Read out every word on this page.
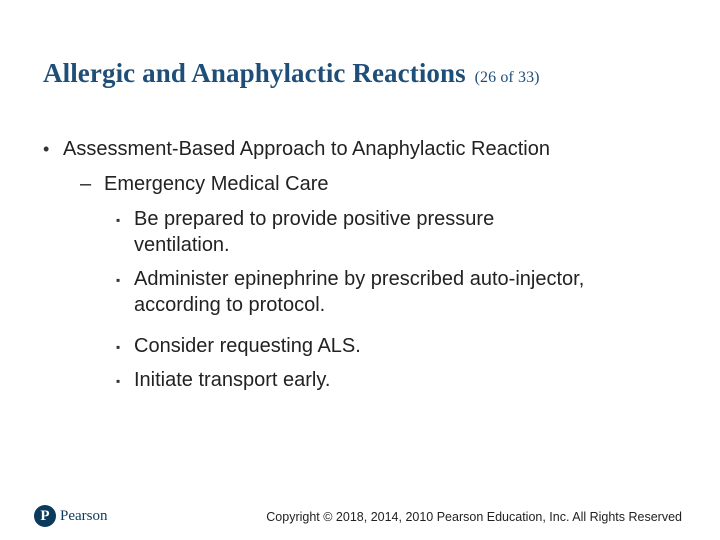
Allergic and Anaphylactic Reactions (26 of 33)
• Assessment-Based Approach to Anaphylactic Reaction
– Emergency Medical Care
▪ Be prepared to provide positive pressure
ventilation.
▪ Administer epinephrine by prescribed auto-injector,
according to protocol.
▪ Consider requesting ALS.
▪ Initiate transport early.
P Pearson	Copyright © 2018, 2014, 2010 Pearson Education, Inc. All Rights Reserved
